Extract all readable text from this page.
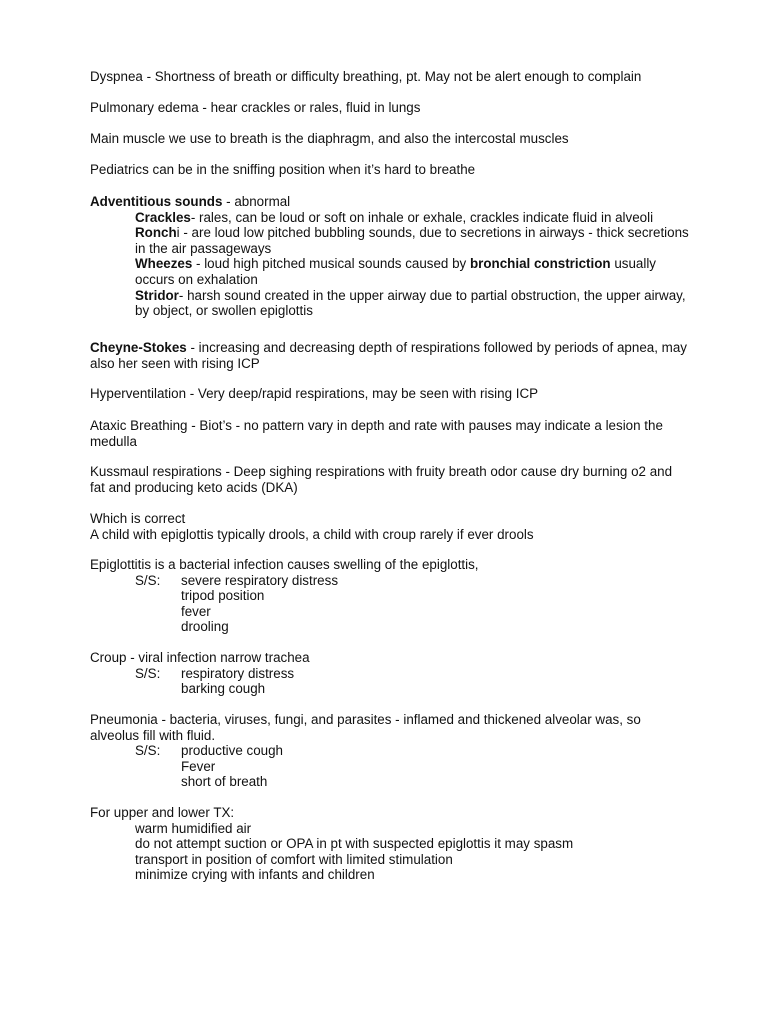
Dyspnea - Shortness of breath or difficulty breathing, pt. May not be alert enough to complain
Pulmonary edema - hear crackles or rales, fluid in lungs
Main muscle we use to breath is the diaphragm, and also the intercostal muscles
Pediatrics can be in the sniffing position when it’s hard to breathe
Adventitious sounds - abnormal
Crackles- rales, can be loud or soft on inhale or exhale, crackles indicate fluid in alveoli
Ronchi - are loud low pitched bubbling sounds, due to secretions in airways - thick secretions in the air passageways
Wheezes - loud high pitched musical sounds caused by bronchial constriction usually occurs on exhalation
Stridor- harsh sound created in the upper airway due to partial obstruction, the upper airway, by object, or swollen epiglottis
Cheyne-Stokes - increasing and decreasing depth of respirations followed by periods of apnea, may also her seen with rising ICP
Hyperventilation - Very deep/rapid respirations, may be seen with rising ICP
Ataxic Breathing - Biot’s - no pattern vary in depth and rate with pauses may indicate a lesion the medulla
Kussmaul respirations - Deep sighing respirations with fruity breath odor cause dry burning o2 and fat and producing keto acids (DKA)
Which is correct
A child with epiglottis typically drools, a child with croup rarely if ever drools
Epiglottitis is a bacterial infection causes swelling of the epiglottis,
S/S:	severe respiratory distress
tripod position
fever
drooling
Croup - viral infection narrow trachea
S/S:	respiratory distress
barking cough
Pneumonia - bacteria, viruses, fungi, and parasites - inflamed and thickened alveolar was, so alveolus fill with fluid.
S/S:	productive cough
Fever
short of breath
For upper and lower TX:
warm humidified air
do not attempt suction or OPA in pt with suspected epiglottis it may spasm
transport in position of comfort with limited stimulation
minimize crying with infants and children
